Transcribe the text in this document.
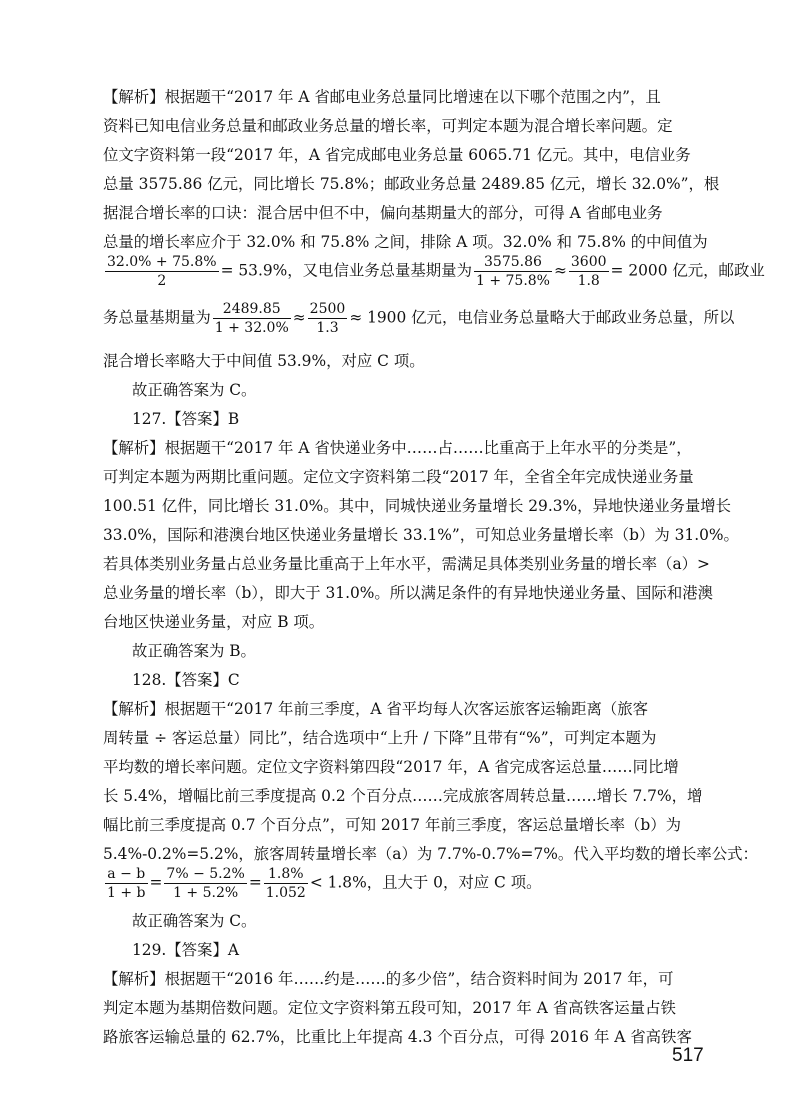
【解析】根据题干“2017 年 A 省邮电业务总量同比增速在以下哪个范围之内”，且
资料已知电信业务总量和邮政业务总量的增长率，可判定本题为混合增长率问题。定
位文字资料第一段“2017 年，A 省完成邮电业务总量 6065.71 亿元。其中，电信业务
总量 3575.86 亿元，同比增长 75.8%；邮政业务总量 2489.85 亿元，增长 32.0%”，根
据混合增长率的口诀：混合居中但不中，偏向基期量大的部分，可得 A 省邮电业务
总量的增长率应介于 32.0% 和 75.8% 之间，排除 A 项。32.0% 和 75.8% 的中间值为
$\frac{32.0\% + 75.8\%}{2} = 53.9\%$，又电信业务总量基期量为 $\frac{3575.86}{1 + 75.8\%} \approx \frac{3600}{1.8} = 2000$ 亿元，邮政业
务总量基期量为 $\frac{2489.85}{1 + 32.0\%} \approx \frac{2500}{1.3} \approx 1900$ 亿元，电信业务总量略大于邮政业务总量，所以
混合增长率略大于中间值 53.9%，对应 C 项。
故正确答案为 C。
127.【答案】B
【解析】根据题干“2017 年 A 省快递业务中……占……比重高于上年水平的分类是”，
可判定本题为两期比重问题。定位文字资料第二段“2017 年，全省全年完成快递业务量
100.51 亿件，同比增长 31.0%。其中，同城快递业务量增长 29.3%，异地快递业务量增长
33.0%，国际和港澳台地区快递业务量增长 33.1%”，可知总业务量增长率（b）为 31.0%。
若具体类别业务量占总业务量比重高于上年水平，需满足具体类别业务量的增长率（a）>
总业务量的增长率（b），即大于 31.0%。所以满足条件的有异地快递业务量、国际和港澳
台地区快递业务量，对应 B 项。
故正确答案为 B。
128.【答案】C
【解析】根据题干“2017 年前三季度，A 省平均每人次客运旅客运输距离（旅客
周转量 ÷ 客运总量）同比”，结合选项中“上升 / 下降”且带有“%”，可判定本题为
平均数的增长率问题。定位文字资料第四段“2017 年，A 省完成客运总量……同比增
长 5.4%，增幅比前三季度提高 0.2 个百分点……完成旅客周转总量……增长 7.7%，增
幅比前三季度提高 0.7 个百分点”，可知 2017 年前三季度，客运总量增长率（b）为
5.4%-0.2%=5.2%，旅客周转量增长率（a）为 7.7%-0.7%=7%。代入平均数的增长率公式：
$\frac{a - b}{1 + b} = \frac{7\% - 5.2\%}{1 + 5.2\%} = \frac{1.8\%}{1.052} < 1.8\%$，且大于 0，对应 C 项。
故正确答案为 C。
129.【答案】A
【解析】根据题干“2016 年……约是……的多少倍”，结合资料时间为 2017 年，可
判定本题为基期倍数问题。定位文字资料第五段可知，2017 年 A 省高铁客运量占铁
路旅客运输总量的 62.7%，比重比上年提高 4.3 个百分点，可得 2016 年 A 省高铁客
517
